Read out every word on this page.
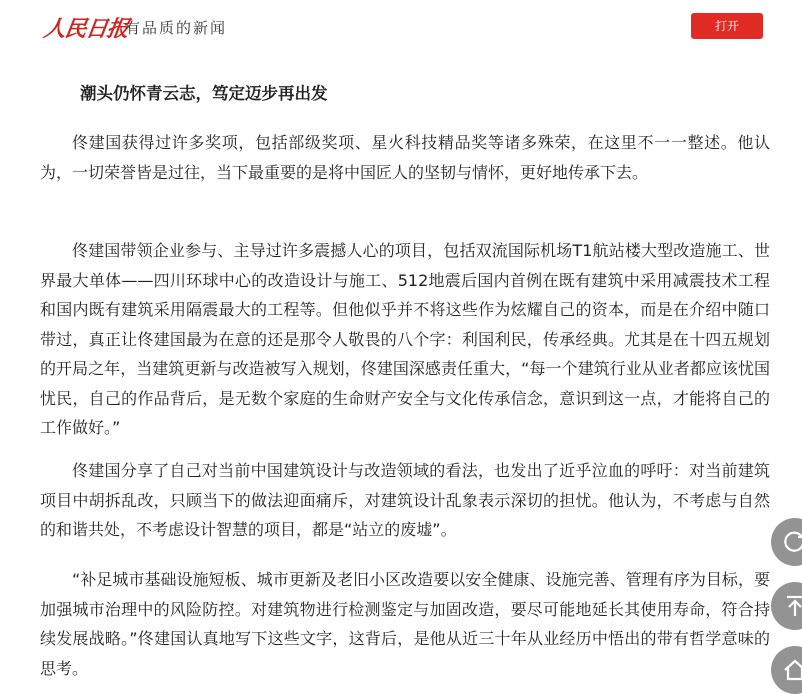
人民日报
有品质的新闻	打开
潮头仍怀青云志，笃定迈步再出发

佟建国获得过许多奖项，包括部级奖项、星火科技精品奖等诸多殊荣，在这里不一一整述。他认为，一切荣誉皆是过往，当下最重要的是将中国匠人的坚韧与情怀，更好地传承下去。

佟建国带领企业参与、主导过许多震撼人心的项目，包括双流国际机场T1航站楼大型改造施工、世界最大单体——四川环球中心的改造设计与施工、512地震后国内首例在既有建筑中采用减震技术工程和国内既有建筑采用隔震最大的工程等。但他似乎并不将这些作为炫耀自己的资本，而是在介绍中随口带过，真正让佟建国最为在意的还是那令人敬畏的八个字：利国利民，传承经典。尤其是在十四五规划的开局之年，当建筑更新与改造被写入规划，佟建国深感责任重大，“每一个建筑行业从业者都应该忧国忧民，自己的作品背后，是无数个家庭的生命财产安全与文化传承信念，意识到这一点，才能将自己的工作做好。”

佟建国分享了自己对当前中国建筑设计与改造领域的看法，也发出了近乎泣血的呼吁：对当前建筑项目中胡拆乱改，只顾当下的做法迎面痛斥，对建筑设计乱象表示深切的担忧。他认为，不考虑与自然的和谐共处，不考虑设计智慧的项目，都是“站立的废墟”。

“补足城市基础设施短板、城市更新及老旧小区改造要以安全健康、设施完善、管理有序为目标，要加强城市治理中的风险防控。对建筑物进行检测鉴定与加固改造，要尽可能地延长其使用寿命，符合持续发展战略。”佟建国认真地写下这些文字，这背后，是他从近三十年从业经历中悟出的带有哲学意味的思考。
